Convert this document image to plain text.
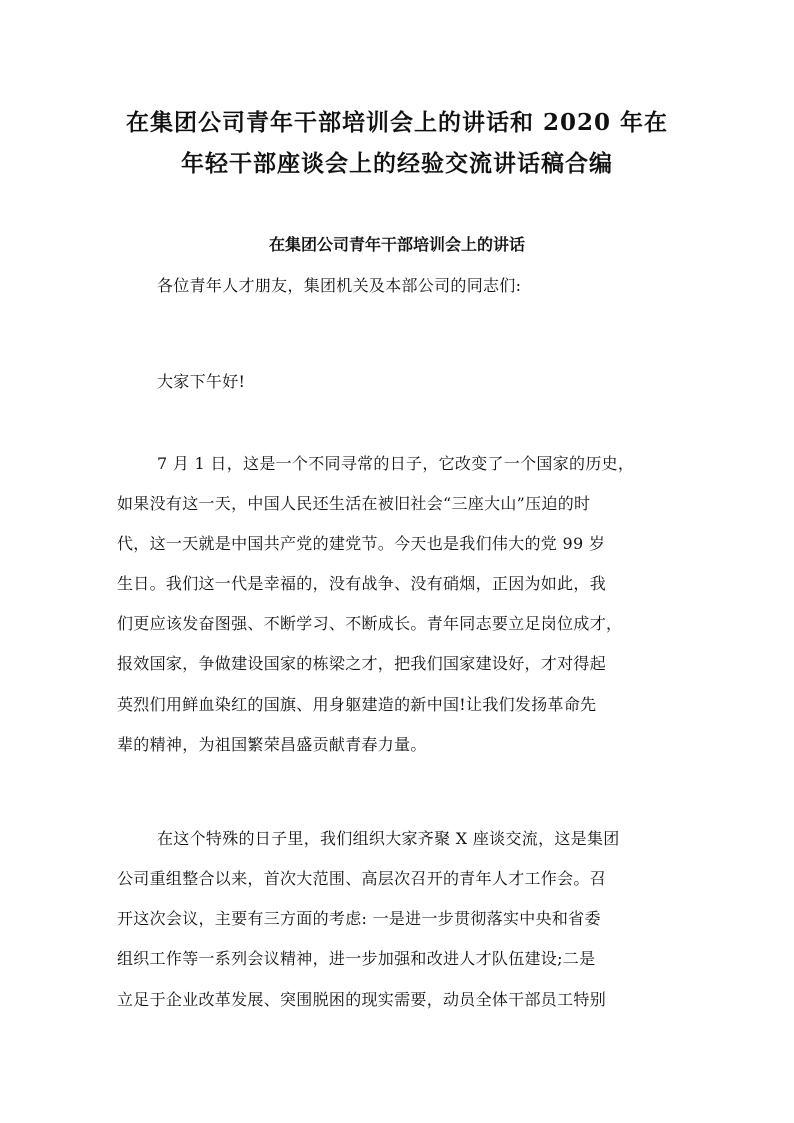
在集团公司青年干部培训会上的讲话和 2020 年在
年轻干部座谈会上的经验交流讲话稿合编
在集团公司青年干部培训会上的讲话
各位青年人才朋友，集团机关及本部公司的同志们:
大家下午好!
7 月 1 日，这是一个不同寻常的日子，它改变了一个国家的历史，
如果没有这一天，中国人民还生活在被旧社会“三座大山”压迫的时
代，这一天就是中国共产党的建党节。今天也是我们伟大的党 99 岁
生日。我们这一代是幸福的，没有战争、没有硝烟，正因为如此，我
们更应该发奋图强、不断学习、不断成长。青年同志要立足岗位成才，
报效国家，争做建设国家的栋梁之才，把我们国家建设好，才对得起
英烈们用鲜血染红的国旗、用身躯建造的新中国!让我们发扬革命先
辈的精神，为祖国繁荣昌盛贡献青春力量。
在这个特殊的日子里，我们组织大家齐聚 X 座谈交流，这是集团
公司重组整合以来，首次大范围、高层次召开的青年人才工作会。召
开这次会议，主要有三方面的考虑: 一是进一步贯彻落实中央和省委
组织工作等一系列会议精神，进一步加强和改进人才队伍建设;二是
立足于企业改革发展、突围脱困的现实需要，动员全体干部员工特别
